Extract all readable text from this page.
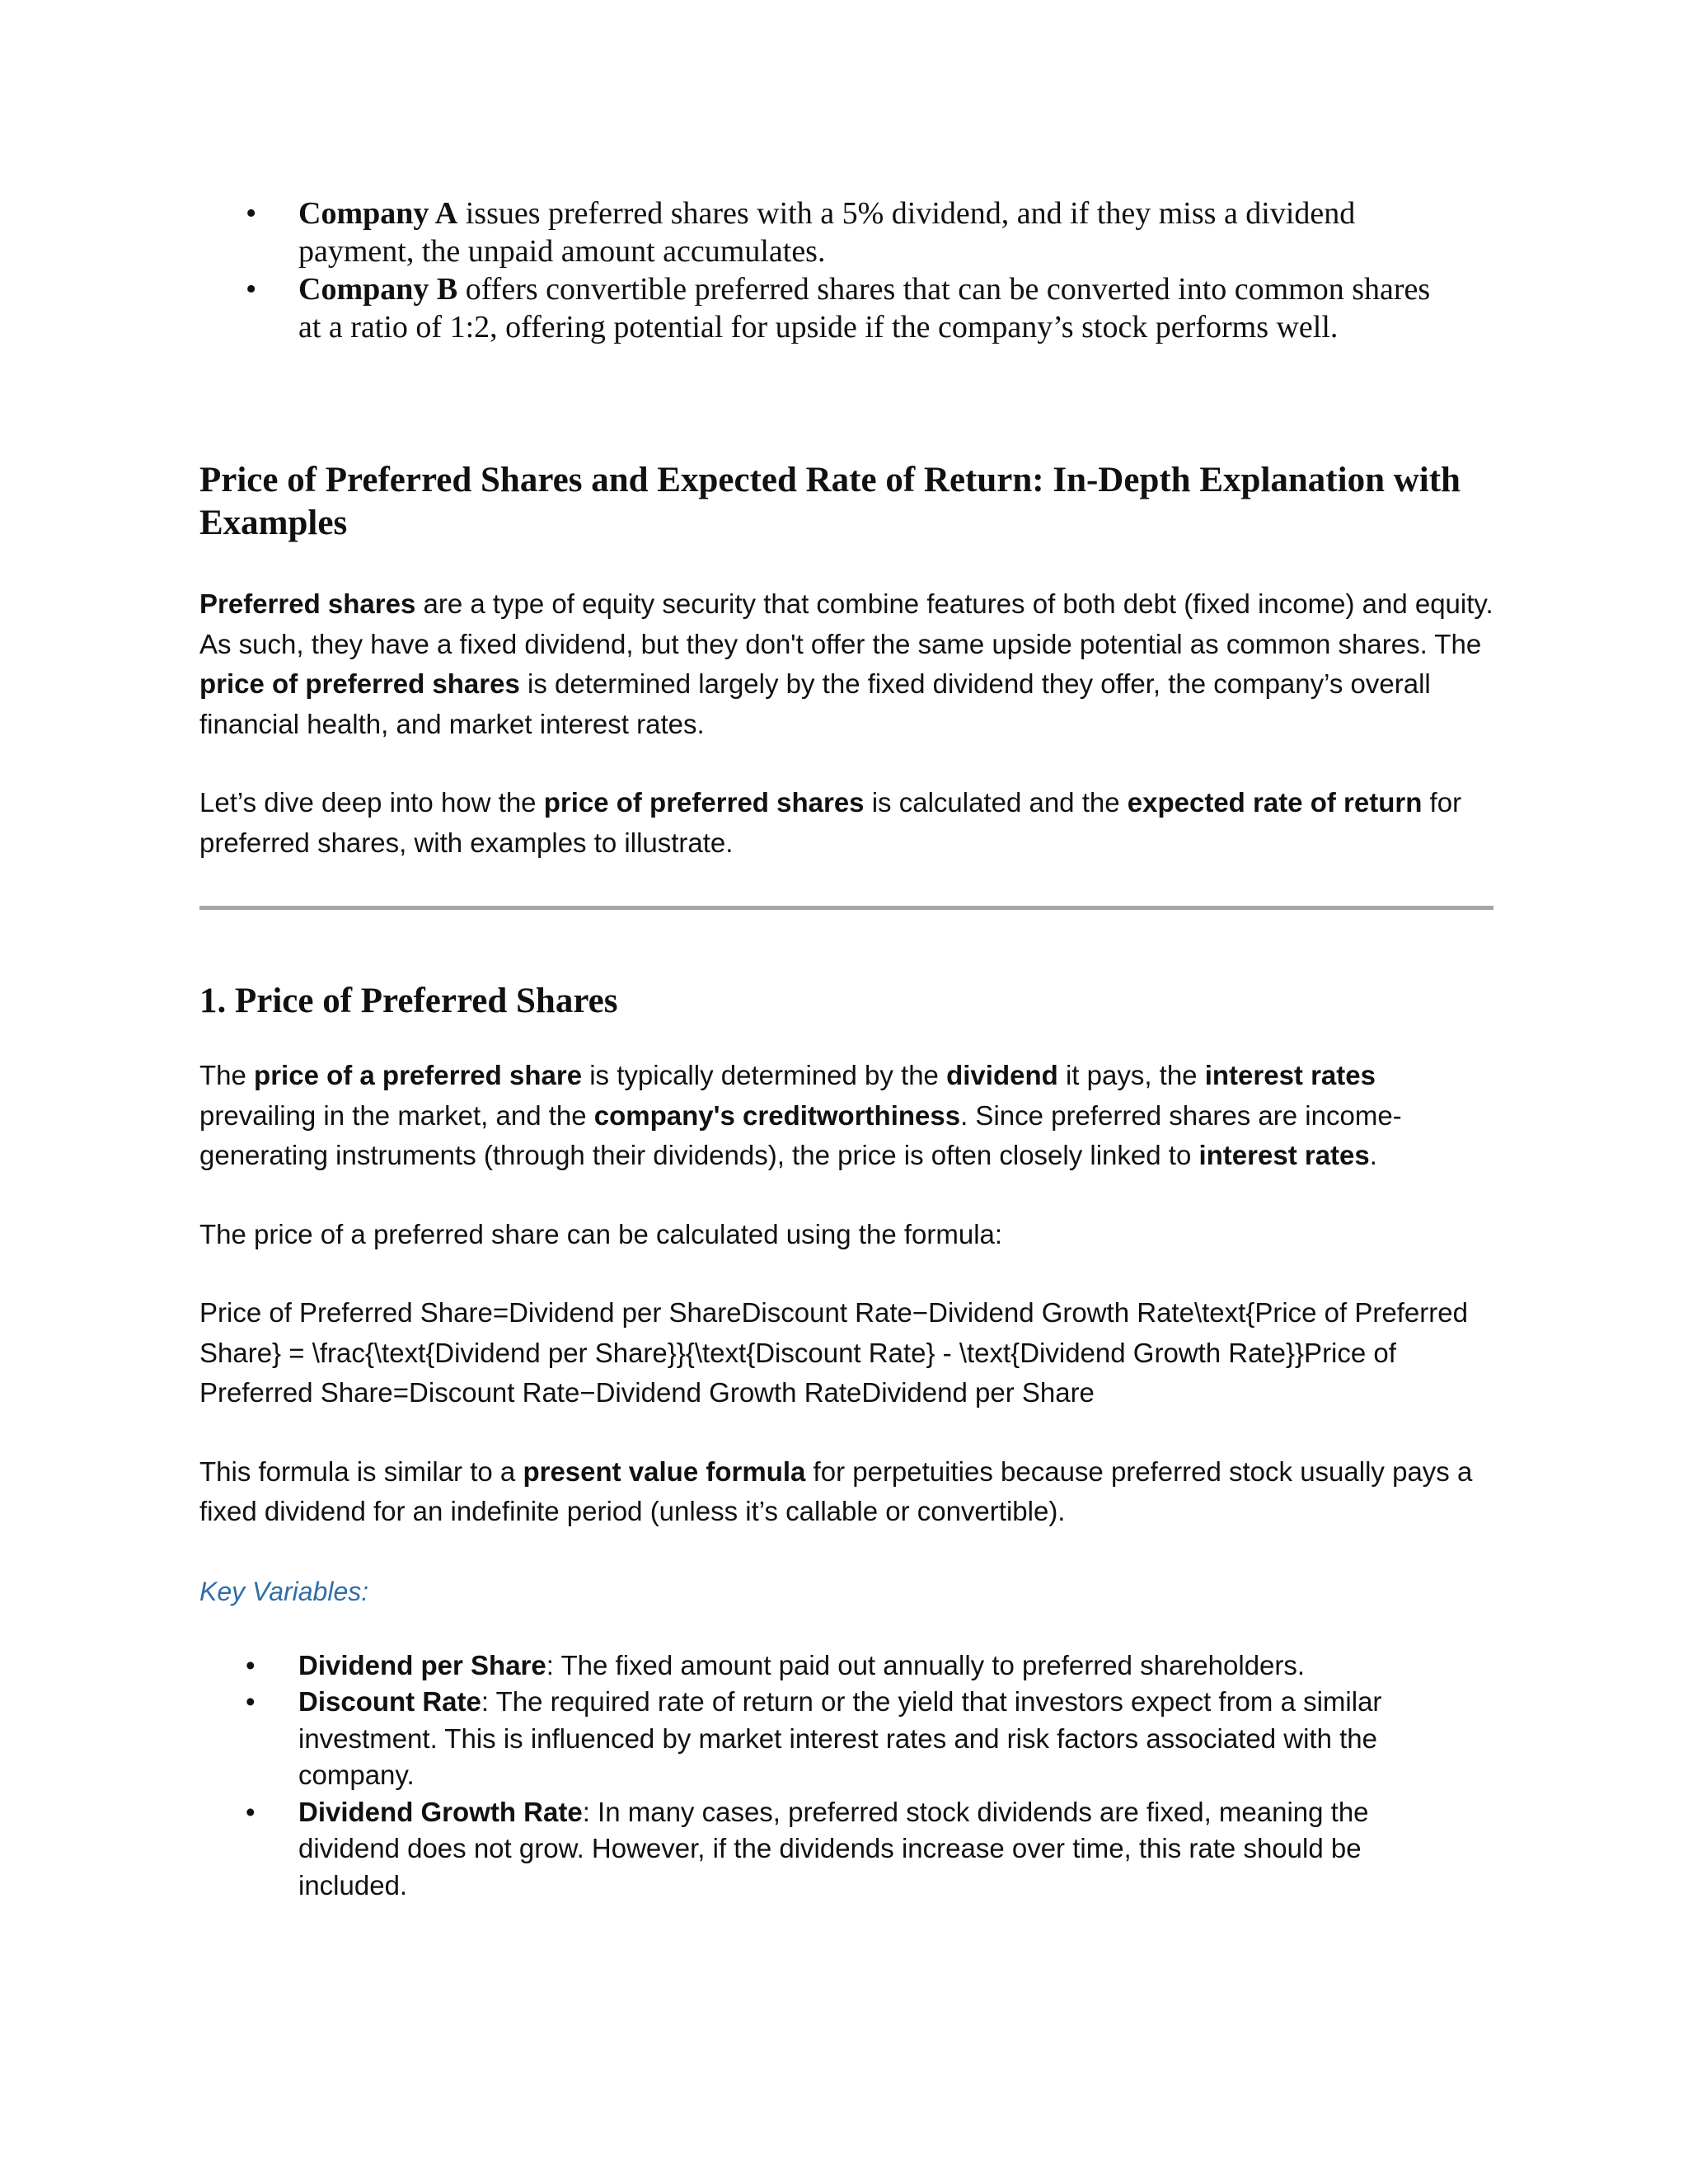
• Company A issues preferred shares with a 5% dividend, and if they miss a dividend payment, the unpaid amount accumulates.
• Company B offers convertible preferred shares that can be converted into common shares at a ratio of 1:2, offering potential for upside if the company’s stock performs well.
Price of Preferred Shares and Expected Rate of Return: In-Depth Explanation with Examples

Preferred shares are a type of equity security that combine features of both debt (fixed income) and equity. As such, they have a fixed dividend, but they don't offer the same upside potential as common shares. The price of preferred shares is determined largely by the fixed dividend they offer, the company’s overall financial health, and market interest rates.

Let’s dive deep into how the price of preferred shares is calculated and the expected rate of return for preferred shares, with examples to illustrate.

1. Price of Preferred Shares

The price of a preferred share is typically determined by the dividend it pays, the interest rates prevailing in the market, and the company's creditworthiness. Since preferred shares are income-generating instruments (through their dividends), the price is often closely linked to interest rates.

The price of a preferred share can be calculated using the formula:

Price of Preferred Share=Dividend per ShareDiscount Rate−Dividend Growth Rate\text{Price of Preferred Share} = \frac{\text{Dividend per Share}}{\text{Discount Rate} - \text{Dividend Growth Rate}}Price of Preferred Share=Discount Rate−Dividend Growth RateDividend per Share

This formula is similar to a present value formula for perpetuities because preferred stock usually pays a fixed dividend for an indefinite period (unless it’s callable or convertible).

Key Variables:

• Dividend per Share: The fixed amount paid out annually to preferred shareholders.
• Discount Rate: The required rate of return or the yield that investors expect from a similar investment. This is influenced by market interest rates and risk factors associated with the company.
• Dividend Growth Rate: In many cases, preferred stock dividends are fixed, meaning the dividend does not grow. However, if the dividends increase over time, this rate should be included.
